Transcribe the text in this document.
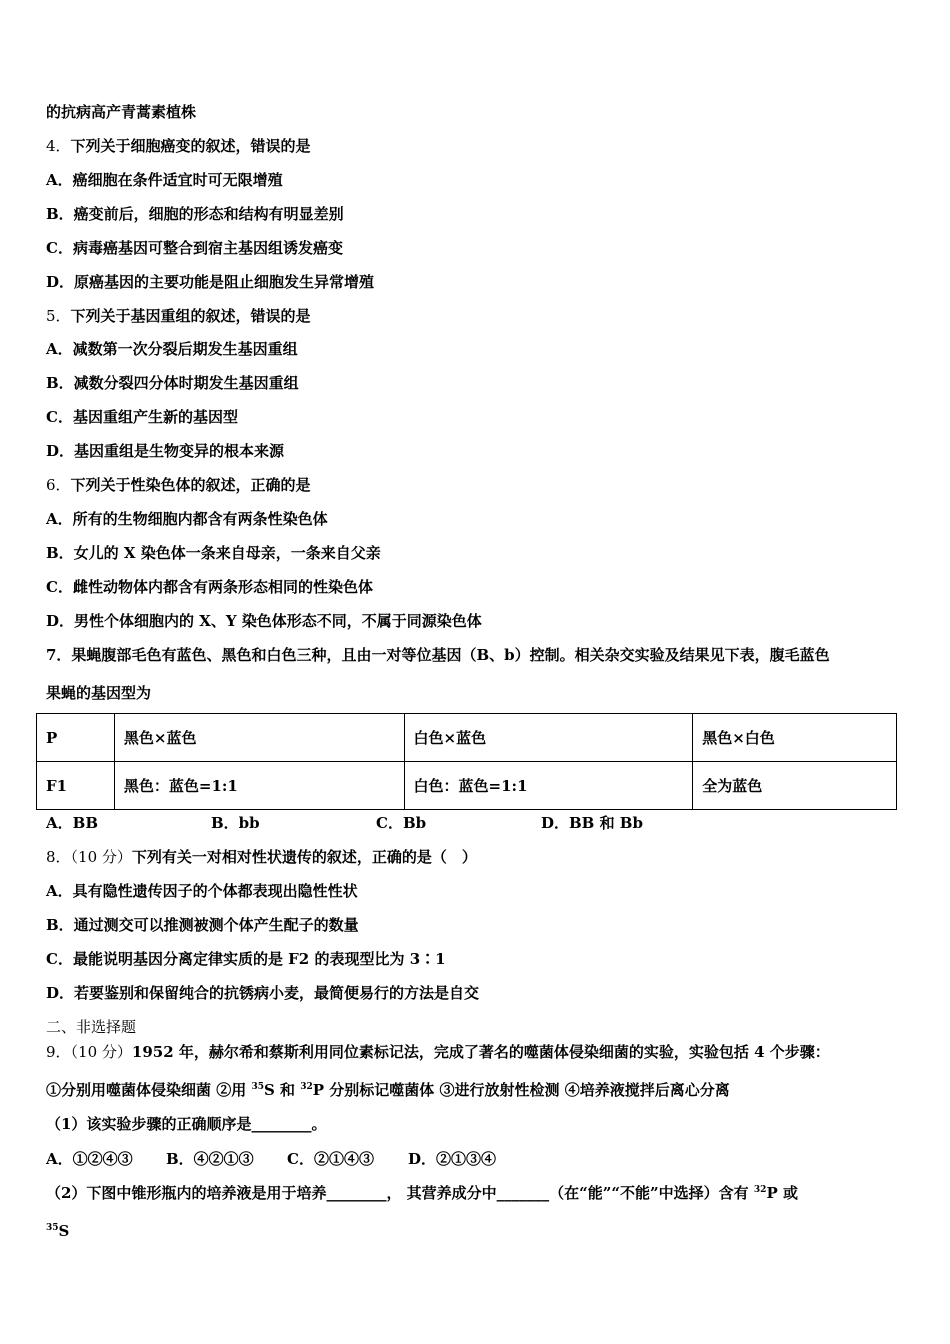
的抗病高产青蒿素植株
4．下列关于细胞癌变的叙述，错误的是
A．癌细胞在条件适宜时可无限增殖
B．癌变前后，细胞的形态和结构有明显差别
C．病毒癌基因可整合到宿主基因组诱发癌变
D．原癌基因的主要功能是阻止细胞发生异常增殖
5．下列关于基因重组的叙述，错误的是
A．减数第一次分裂后期发生基因重组
B．减数分裂四分体时期发生基因重组
C．基因重组产生新的基因型
D．基因重组是生物变异的根本来源
6．下列关于性染色体的叙述，正确的是
A．所有的生物细胞内都含有两条性染色体
B．女儿的 X 染色体一条来自母亲，一条来自父亲
C．雌性动物体内都含有两条形态相同的性染色体
D．男性个体细胞内的 X、Y 染色体形态不同，不属于同源染色体
7．果蝇腹部毛色有蓝色、黑色和白色三种，且由一对等位基因（B、b）控制。相关杂交实验及结果见下表，腹毛蓝色
果蝇的基因型为
P	黑色×蓝色	白色×蓝色	黑色×白色
F1	黑色：蓝色=1:1	白色：蓝色=1:1	全为蓝色
A．BB	B．bb	C．Bb	D．BB 和 Bb
8．（10 分）下列有关一对相对性状遗传的叙述，正确的是（　）
A．具有隐性遗传因子的个体都表现出隐性性状
B．通过测交可以推测被测个体产生配子的数量
C．最能说明基因分离定律实质的是 F2 的表现型比为 3∶1
D．若要鉴别和保留纯合的抗锈病小麦，最简便易行的方法是自交
二、非选择题
9．（10 分）1952 年，赫尔希和蔡斯利用同位素标记法，完成了著名的噬菌体侵染细菌的实验，实验包括 4 个步骤：
①分别用噬菌体侵染细菌 ②用 $^{35}$S 和 $^{32}$P 分别标记噬菌体 ③进行放射性检测 ④培养液搅拌后离心分离
（1）该实验步骤的正确顺序是________。
A．①②④③ B．④②①③ C．②①④③ D．②①③④
（2）下图中锥形瓶内的培养液是用于培养________， 其营养成分中_______（在“能”“不能”中选择）含有 $^{32}$P 或
$^{35}$S
